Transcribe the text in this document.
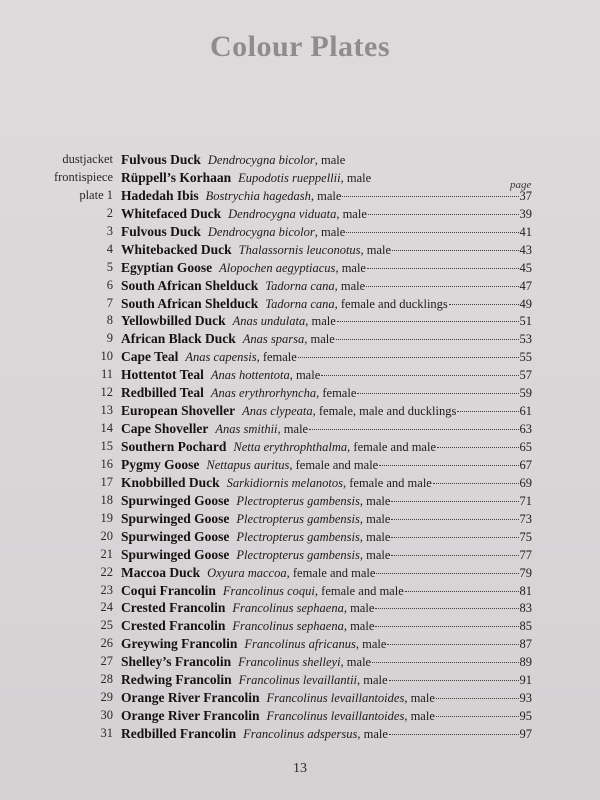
Colour Plates
page
dustjacket Fulvous Duck Dendrocygna bicolor , male
frontispiece Rüppell’s Korhaan Eupodotis rueppellii , male
plate 1 Hadedah Ibis Bostrychia hagedash , male	37
2 Whitefaced Duck Dendrocygna viduata , male	39
3 Fulvous Duck Dendrocygna bicolor , male	41
4 Whitebacked Duck Thalassornis leuconotus , male	43
5 Egyptian Goose Alopochen aegyptiacus , male	45
6 South African Shelduck Tadorna cana , male	47
7 South African Shelduck Tadorna cana , female and ducklings	49
8 Yellowbilled Duck Anas undulata , male	51
9 African Black Duck Anas sparsa , male	53
10 Cape Teal Anas capensis , female	55
11 Hottentot Teal Anas hottentota , male	57
12 Redbilled Teal Anas erythrorhyncha , female	59
13 European Shoveller Anas clypeata , female, male and ducklings	61
14 Cape Shoveller Anas smithii , male	63
15 Southern Pochard Netta erythrophthalma , female and male	65
16 Pygmy Goose Nettapus auritus , female and male	67
17 Knobbilled Duck Sarkidiornis melanotos , female and male	69
18 Spurwinged Goose Plectropterus gambensis , male	71
19 Spurwinged Goose Plectropterus gambensis , male	73
20 Spurwinged Goose Plectropterus gambensis , male	75
21 Spurwinged Goose Plectropterus gambensis , male	77
22 Maccoa Duck Oxyura maccoa , female and male	79
23 Coqui Francolin Francolinus coqui , female and male	81
24 Crested Francolin Francolinus sephaena , male	83
25 Crested Francolin Francolinus sephaena , male	85
26 Greywing Francolin Francolinus africanus , male	87
27 Shelley’s Francolin Francolinus shelleyi , male	89
28 Redwing Francolin Francolinus levaillantii , male	91
29 Orange River Francolin Francolinus levaillantoides , male	93
30 Orange River Francolin Francolinus levaillantoides , male	95
31 Redbilled Francolin Francolinus adspersus , male	97
13
